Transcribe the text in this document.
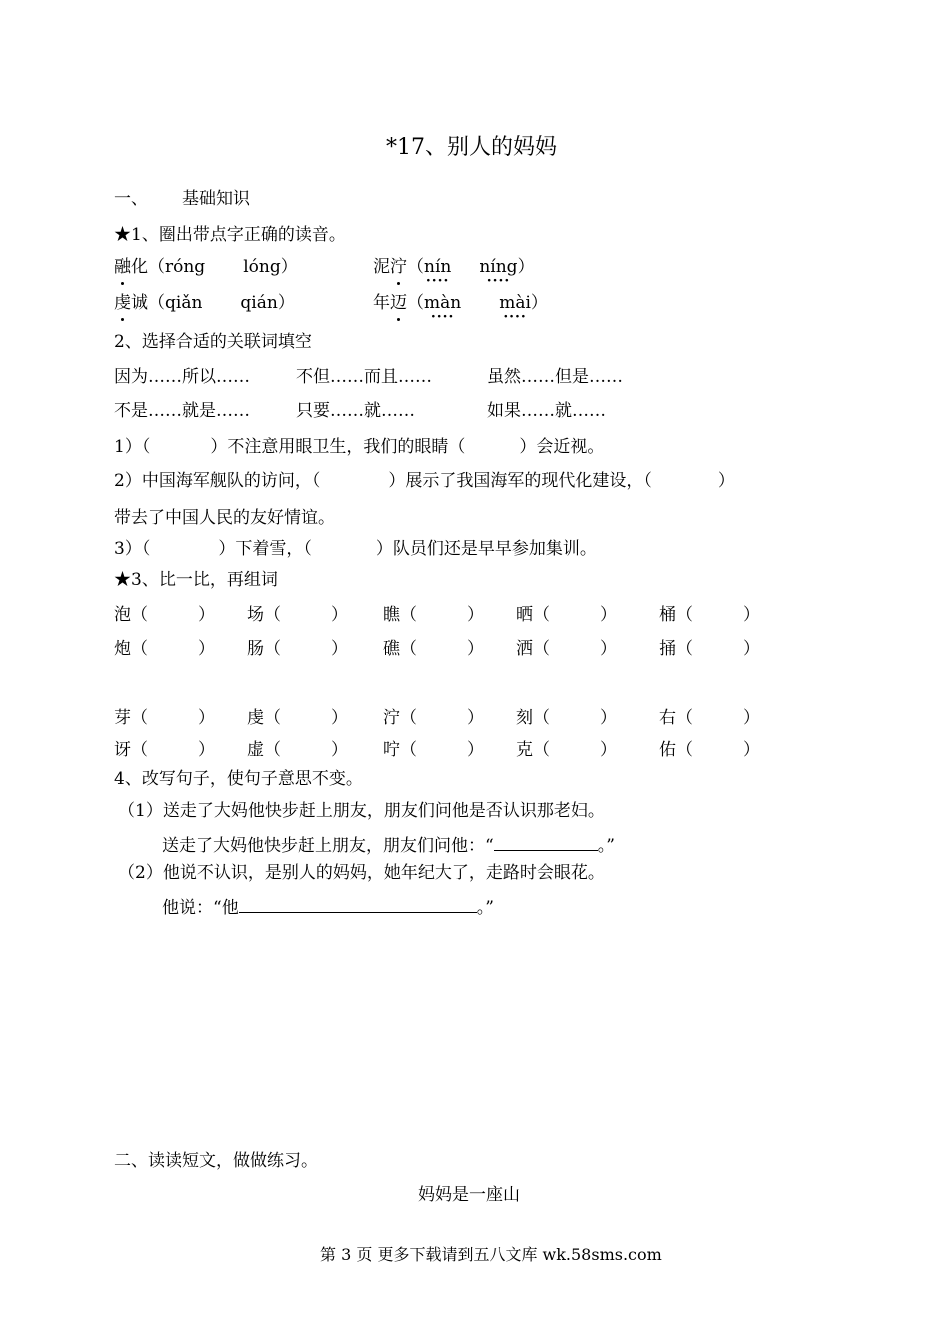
*17、别人的妈妈
一、 基础知识
★1、圈出带点字正确的读音。
融化（róng lóng）	泥泞（nín ···· níng ····）
虔诚（qiǎn qián）	年迈（màn ···· mài ····）
2、选择合适的关联词填空
因为……所以……	不但……而且……	虽然……但是……
不是……就是……	只要……就……	如果……就……
1）（	）不注意用眼卫生，我们的眼睛（	）会近视。
2）中国海军舰队的访问，（	）展示了我国海军的现代化建设，（	）
带去了中国人民的友好情谊。
3）（	）下着雪，（	）队员们还是早早参加集训。
★3、比一比，再组词
泡（	） 场（	） 瞧（	） 晒（	） 桶（	）
炮（	） 肠（	） 礁（	） 洒（	） 捅（	）
芽（	） 虔（	） 泞（	） 刻（	） 右（	）
讶（	） 虚（	） 咛（	） 克（	） 佑（	）
4、改写句子，使句子意思不变。
（1）送走了大妈他快步赶上朋友，朋友们问他是否认识那老妇。
送走了大妈他快步赶上朋友，朋友们问他：“	。”
（2）他说不认识，是别人的妈妈，她年纪大了，走路时会眼花。
他说：“他	。”
二、读读短文，做做练习。
妈妈是一座山
第 3 页 更多下载请到五八文库 wk.58sms.com
